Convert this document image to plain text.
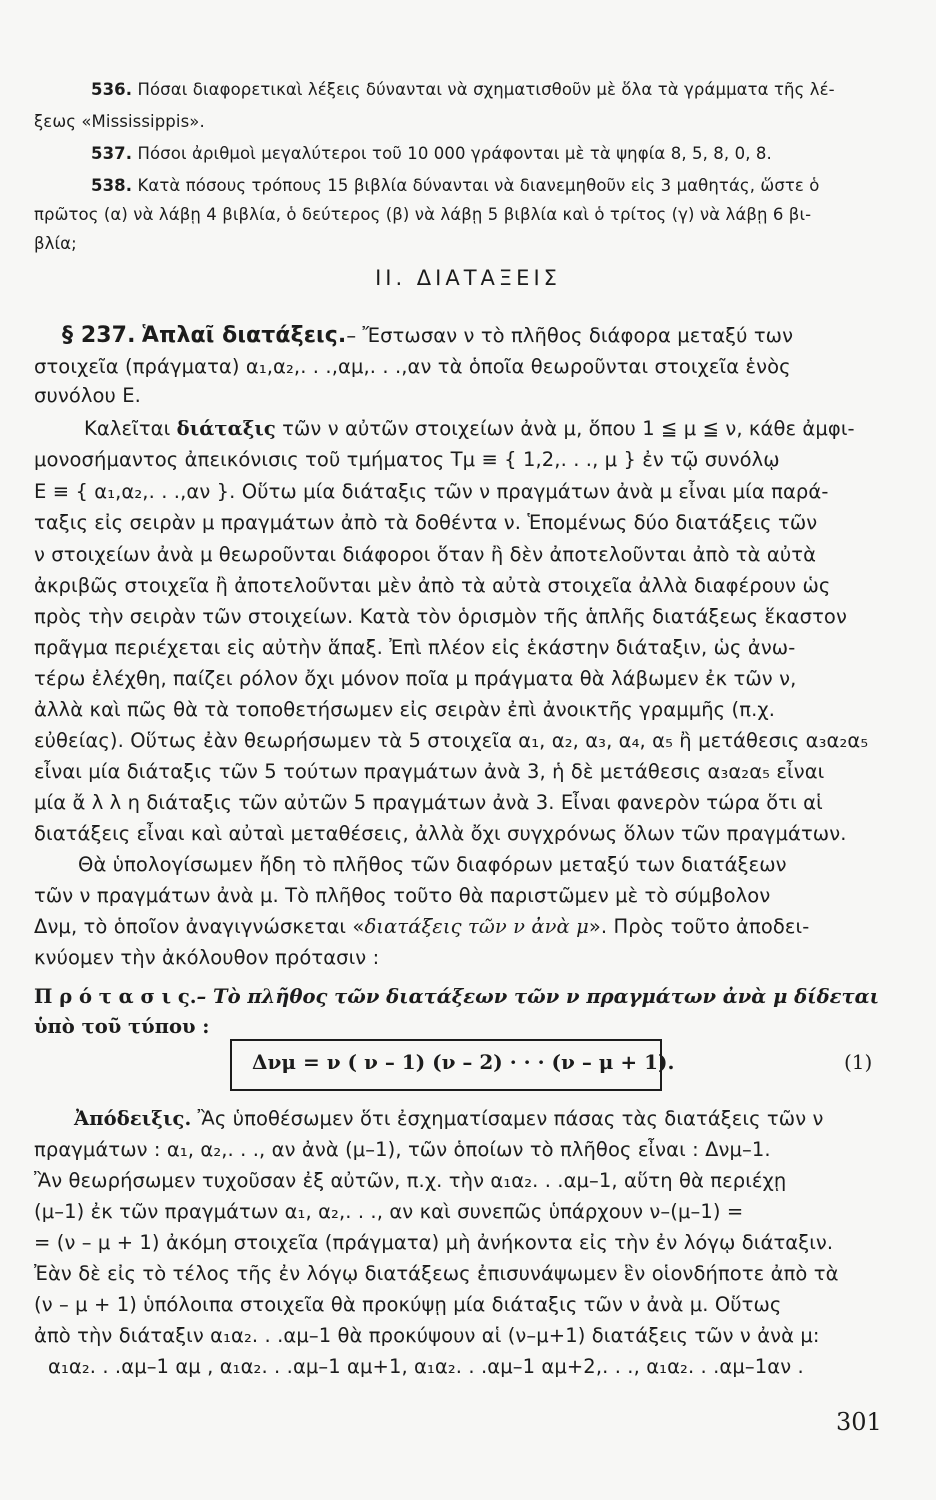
536. Πόσαι διαφορετικαὶ λέξεις δύνανται νὰ σχηματισθοῦν μὲ ὅλα τὰ γράμματα τῆς λέ-
ξεως «Mississippis».
537. Πόσοι ἀριθμοὶ μεγαλύτεροι τοῦ 10 000 γράφονται μὲ τὰ ψηφία 8, 5, 8, 0, 8.
538. Κατὰ πόσους τρόπους 15 βιβλία δύνανται νὰ διανεμηθοῦν εἰς 3 μαθητάς, ὥστε ὁ
πρῶτος (α) νὰ λάβῃ 4 βιβλία, ὁ δεύτερος (β) νὰ λάβῃ 5 βιβλία καὶ ὁ τρίτος (γ) νὰ λάβῃ 6 βι-
βλία;
II. ΔΙΑΤΑΞΕΙΣ
§ 237. Ἁπλαῖ διατάξεις.– Ἔστωσαν ν τὸ πλῆθος διάφορα μεταξύ των
στοιχεῖα (πράγματα) α₁,α₂,. . .,αμ,. . .,αν τὰ ὁποῖα θεωροῦνται στοιχεῖα ἑνὸς
συνόλου Ε.
Καλεῖται διάταξις τῶν ν αὐτῶν στοιχείων ἀνὰ μ, ὅπου 1 ≦ μ ≦ ν, κάθε ἀμφι-
μονοσήμαντος ἀπεικόνισις τοῦ τμήματος Τμ ≡ { 1,2,. . ., μ } ἐν τῷ συνόλῳ
Ε ≡ { α₁,α₂,. . .,αν }. Οὕτω μία διάταξις τῶν ν πραγμάτων ἀνὰ μ εἶναι μία παρά-
ταξις εἰς σειρὰν μ πραγμάτων ἀπὸ τὰ δοθέντα ν. Ἑπομένως δύο διατάξεις τῶν
ν στοιχείων ἀνὰ μ θεωροῦνται διάφοροι ὅταν ἢ δὲν ἀποτελοῦνται ἀπὸ τὰ αὐτὰ
ἀκριβῶς στοιχεῖα ἢ ἀποτελοῦνται μὲν ἀπὸ τὰ αὐτὰ στοιχεῖα ἀλλὰ διαφέρουν ὡς
πρὸς τὴν σειρὰν τῶν στοιχείων. Κατὰ τὸν ὁρισμὸν τῆς ἁπλῆς διατάξεως ἕκαστον
πρᾶγμα περιέχεται εἰς αὐτὴν ἅπαξ. Ἐπὶ πλέον εἰς ἑκάστην διάταξιν, ὡς ἀνω-
τέρω ἐλέχθη, παίζει ρόλον ὄχι μόνον ποῖα μ πράγματα θὰ λάβωμεν ἐκ τῶν ν,
ἀλλὰ καὶ πῶς θὰ τὰ τοποθετήσωμεν εἰς σειρὰν ἐπὶ ἀνοικτῆς γραμμῆς (π.χ.
εὐθείας). Οὕτως ἐὰν θεωρήσωμεν τὰ 5 στοιχεῖα α₁, α₂, α₃, α₄, α₅ ἢ μετάθεσις α₃α₂α₅
εἶναι μία διάταξις τῶν 5 τούτων πραγμάτων ἀνὰ 3, ἡ δὲ μετάθεσις α₃α₂α₅ εἶναι
μία ἄ λ λ η διάταξις τῶν αὐτῶν 5 πραγμάτων ἀνὰ 3. Εἶναι φανερὸν τώρα ὅτι αἱ
διατάξεις εἶναι καὶ αὐταὶ μεταθέσεις, ἀλλὰ ὄχι συγχρόνως ὅλων τῶν πραγμάτων.
Θὰ ὑπολογίσωμεν ἤδη τὸ πλῆθος τῶν διαφόρων μεταξύ των διατάξεων
τῶν ν πραγμάτων ἀνὰ μ. Τὸ πλῆθος τοῦτο θὰ παριστῶμεν μὲ τὸ σύμβολον
Δνμ, τὸ ὁποῖον ἀναγιγνώσκεται «διατάξεις τῶν ν ἀνὰ μ». Πρὸς τοῦτο ἀποδει-
κνύομεν τὴν ἀκόλουθον πρότασιν :
Π ρ ό τ α σ ι ς.– Τὸ πλῆθος τῶν διατάξεων τῶν ν πραγμάτων ἀνὰ μ δίδεται
ὑπὸ τοῦ τύπου :
Δνμ = ν ( ν – 1) (ν – 2) · · · (ν – μ + 1).	(1)
Ἀπόδειξις. Ἂς ὑποθέσωμεν ὅτι ἐσχηματίσαμεν πάσας τὰς διατάξεις τῶν ν
πραγμάτων : α₁, α₂,. . ., αν ἀνὰ (μ–1), τῶν ὁποίων τὸ πλῆθος εἶναι : Δνμ–1.
Ἂν θεωρήσωμεν τυχοῦσαν ἐξ αὐτῶν, π.χ. τὴν α₁α₂. . .αμ–1, αὕτη θὰ περιέχῃ
(μ–1) ἐκ τῶν πραγμάτων α₁, α₂,. . ., αν καὶ συνεπῶς ὑπάρχουν ν–(μ–1) =
= (ν – μ + 1) ἀκόμη στοιχεῖα (πράγματα) μὴ ἀνήκοντα εἰς τὴν ἐν λόγῳ διάταξιν.
Ἐὰν δὲ εἰς τὸ τέλος τῆς ἐν λόγῳ διατάξεως ἐπισυνάψωμεν ἓν οἱονδήποτε ἀπὸ τὰ
(ν – μ + 1) ὑπόλοιπα στοιχεῖα θὰ προκύψῃ μία διάταξις τῶν ν ἀνὰ μ. Οὕτως
ἀπὸ τὴν διάταξιν α₁α₂. . .αμ–1 θὰ προκύψουν αἱ (ν–μ+1) διατάξεις τῶν ν ἀνὰ μ:
α₁α₂. . .αμ–1 αμ , α₁α₂. . .αμ–1 αμ+1, α₁α₂. . .αμ–1 αμ+2,. . ., α₁α₂. . .αμ–1αν .
301
